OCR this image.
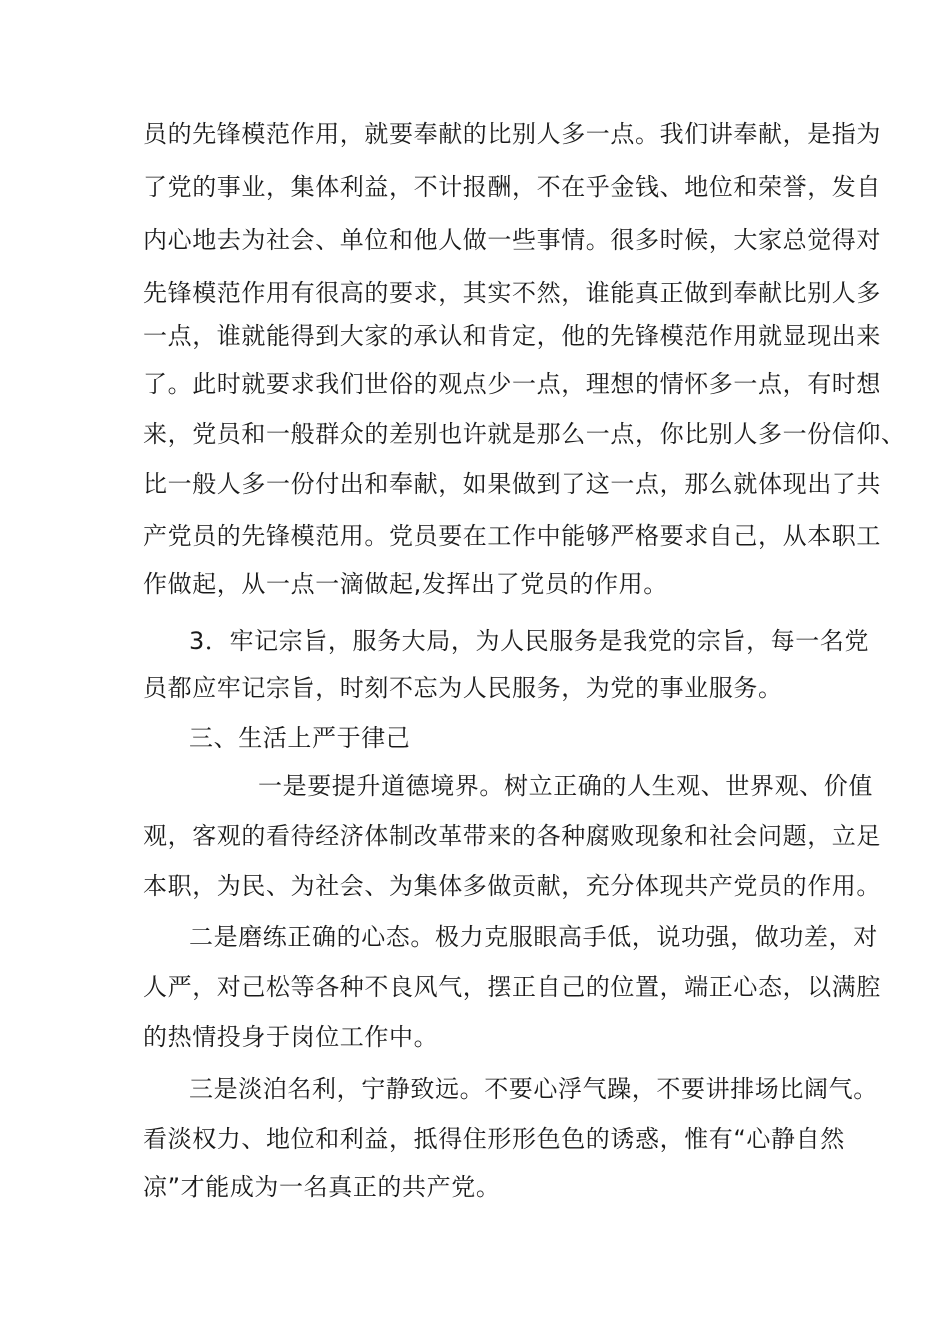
员的先锋模范作用，就要奉献的比别人多一点。我们讲奉献，是指为
了党的事业，集体利益，不计报酬，不在乎金钱、地位和荣誉，发自
内心地去为社会、单位和他人做一些事情。很多时候，大家总觉得对
先锋模范作用有很高的要求，其实不然，谁能真正做到奉献比别人多
一点，谁就能得到大家的承认和肯定，他的先锋模范作用就显现出来
了。此时就要求我们世俗的观点少一点，理想的情怀多一点，有时想
来，党员和一般群众的差别也许就是那么一点，你比别人多一份信仰、
比一般人多一份付出和奉献，如果做到了这一点，那么就体现出了共
产党员的先锋模范用。党员要在工作中能够严格要求自己，从本职工
作做起，从一点一滴做起,发挥出了党员的作用。
3．牢记宗旨，服务大局，为人民服务是我党的宗旨，每一名党
员都应牢记宗旨，时刻不忘为人民服务，为党的事业服务。
三、生活上严于律己
一是要提升道德境界。树立正确的人生观、世界观、价值
观，客观的看待经济体制改革带来的各种腐败现象和社会问题，立足
本职，为民、为社会、为集体多做贡献，充分体现共产党员的作用。
二是磨练正确的心态。极力克服眼高手低，说功强，做功差，对
人严，对己松等各种不良风气，摆正自己的位置，端正心态，以满腔
的热情投身于岗位工作中。
三是淡泊名利，宁静致远。不要心浮气躁，不要讲排场比阔气。
看淡权力、地位和利益，抵得住形形色色的诱惑，惟有“心静自然
凉”才能成为一名真正的共产党。
